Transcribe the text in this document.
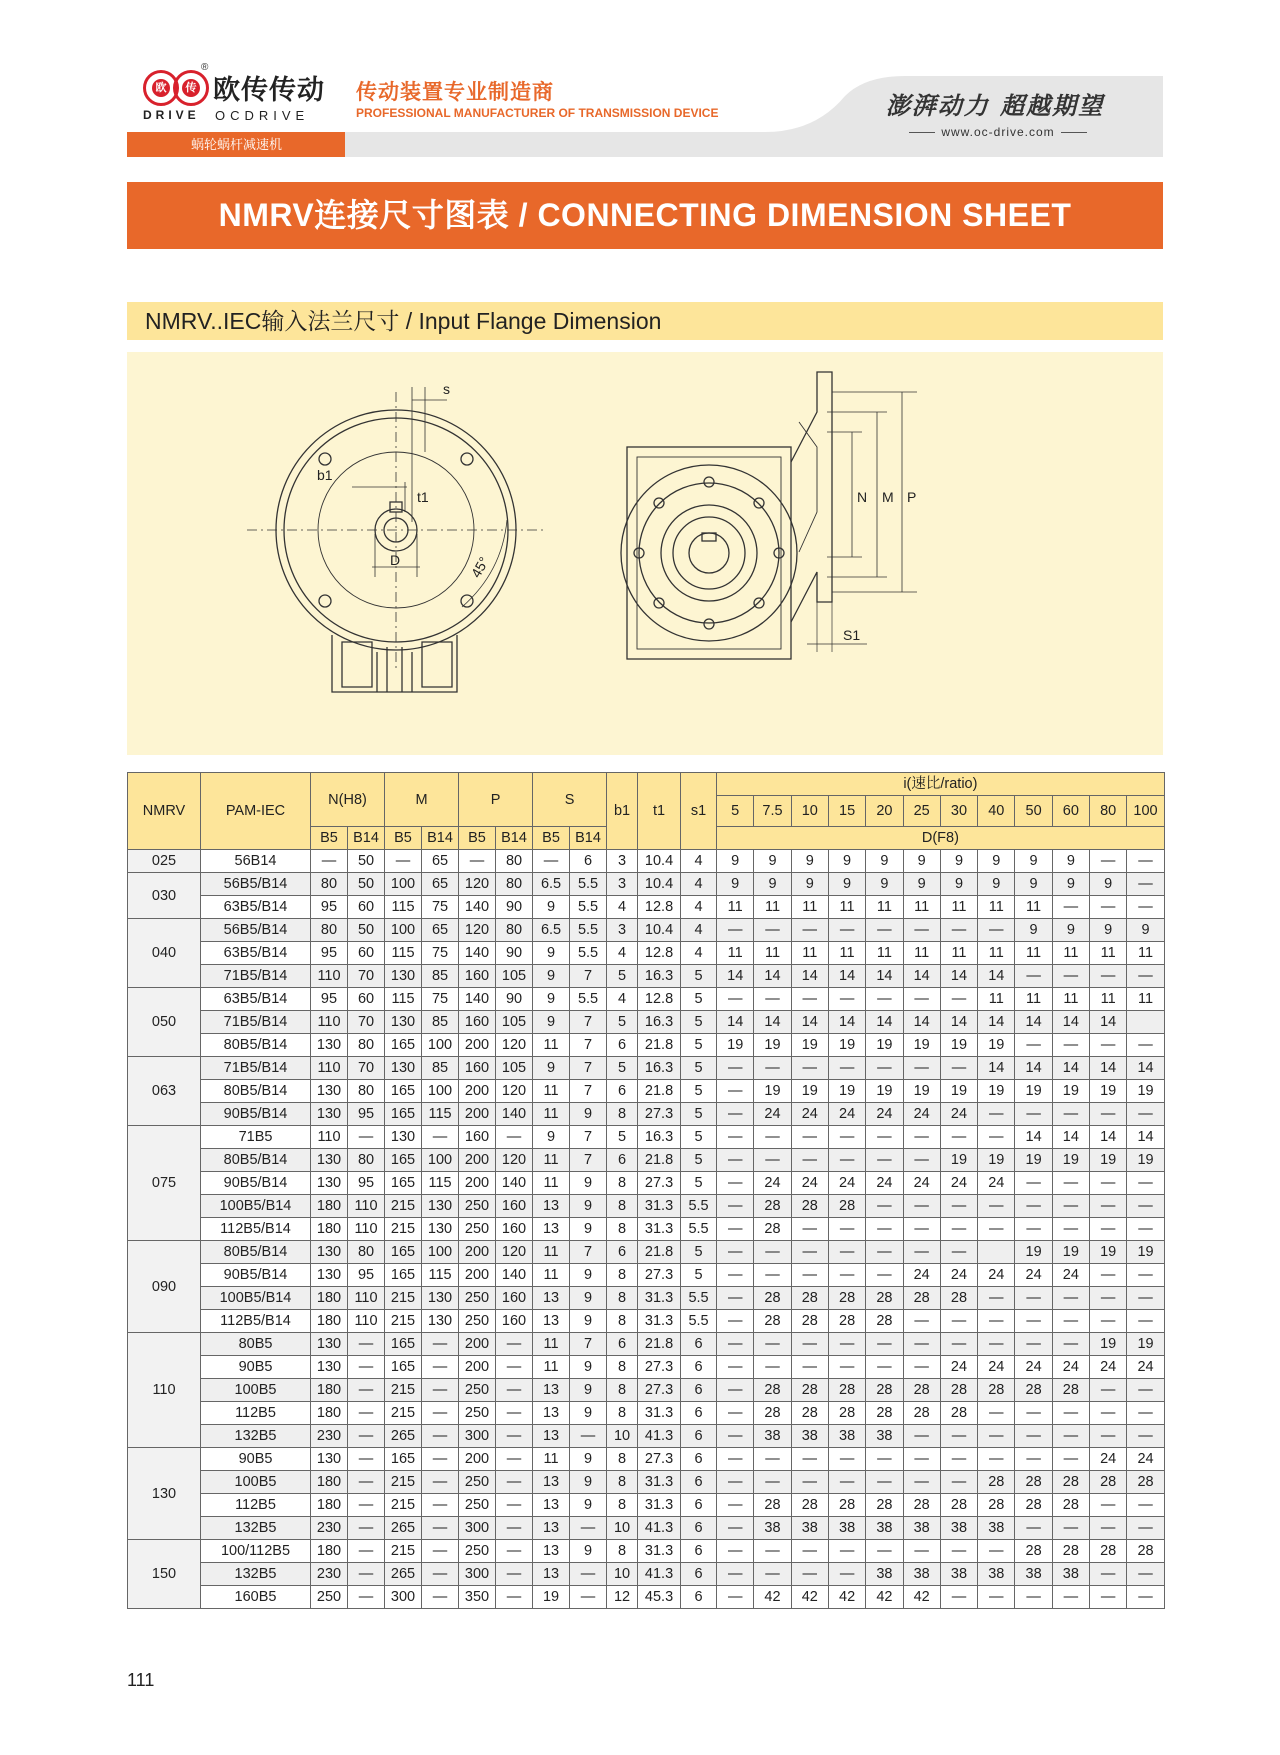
欧	传
®
欧传传动
DRIVE OCDRIVE
传动装置专业制造商
PROFESSIONAL MANUFACTURER OF TRANSMISSION DEVICE	澎湃动力 超越期望
www.oc-drive.com
蜗轮蜗杆减速机
NMRV连接尺寸图表 / CONNECTING DIMENSION SHEET
NMRV..IEC输入法兰尺寸 / Input Flange Dimension
s
b1
t1
D	45°
N M P
S1
NMRV	PAM-IEC	N(H8)		M		P		S		b1	t1	s1	i(速比/ratio)											
													5	7.5	10	15	20	25	30	40	50	60	80	100
		B5	B14	B5	B14	B5	B14	B5	B14				D(F8)											
025	56B14	—	50	—	65	—	80	—	6	3	10.4	4	9	9	9	9	9	9	9	9	9	9	—	—
030	56B5/B14	80	50	100	65	120	80	6.5	5.5	3	10.4	4	9	9	9	9	9	9	9	9	9	9	9	—
	63B5/B14	95	60	115	75	140	90	9	5.5	4	12.8	4	11	11	11	11	11	11	11	11	11	—	—	—
040	56B5/B14	80	50	100	65	120	80	6.5	5.5	3	10.4	4	—	—	—	—	—	—	—	—	9	9	9	9
	63B5/B14	95	60	115	75	140	90	9	5.5	4	12.8	4	11	11	11	11	11	11	11	11	11	11	11	11
	71B5/B14	110	70	130	85	160	105	9	7	5	16.3	5	14	14	14	14	14	14	14	14	—	—	—	—
050	63B5/B14	95	60	115	75	140	90	9	5.5	4	12.8	5	—	—	—	—	—	—	—	11	11	11	11	11
	71B5/B14	110	70	130	85	160	105	9	7	5	16.3	5	14	14	14	14	14	14	14	14	14	14	14	
	80B5/B14	130	80	165	100	200	120	11	7	6	21.8	5	19	19	19	19	19	19	19	19	—	—	—	—
063	71B5/B14	110	70	130	85	160	105	9	7	5	16.3	5	—	—	—	—	—	—	—	14	14	14	14	14
	80B5/B14	130	80	165	100	200	120	11	7	6	21.8	5	—	19	19	19	19	19	19	19	19	19	19	19
	90B5/B14	130	95	165	115	200	140	11	9	8	27.3	5	—	24	24	24	24	24	24	—	—	—	—	—
075	71B5	110	—	130	—	160	—	9	7	5	16.3	5	—	—	—	—	—	—	—	—	14	14	14	14
	80B5/B14	130	80	165	100	200	120	11	7	6	21.8	5	—	—	—	—	—	—	19	19	19	19	19	19
	90B5/B14	130	95	165	115	200	140	11	9	8	27.3	5	—	24	24	24	24	24	24	24	—	—	—	—
	100B5/B14	180	110	215	130	250	160	13	9	8	31.3	5.5	—	28	28	28	—	—	—	—	—	—	—	—
	112B5/B14	180	110	215	130	250	160	13	9	8	31.3	5.5	—	28	—	—	—	—	—	—	—	—	—	—
090	80B5/B14	130	80	165	100	200	120	11	7	6	21.8	5	—	—	—	—	—	—	—		19	19	19	19
	90B5/B14	130	95	165	115	200	140	11	9	8	27.3	5	—	—	—	—	—	24	24	24	24	24	—	—
	100B5/B14	180	110	215	130	250	160	13	9	8	31.3	5.5	—	28	28	28	28	28	28	—	—	—	—	—
	112B5/B14	180	110	215	130	250	160	13	9	8	31.3	5.5	—	28	28	28	28	—	—	—	—	—	—	—
110	80B5	130	—	165	—	200	—	11	7	6	21.8	6	—	—	—	—	—	—	—	—	—	—	19	19
	90B5	130	—	165	—	200	—	11	9	8	27.3	6	—	—	—	—	—	—	24	24	24	24	24	24
	100B5	180	—	215	—	250	—	13	9	8	27.3	6	—	28	28	28	28	28	28	28	28	28	—	—
	112B5	180	—	215	—	250	—	13	9	8	31.3	6	—	28	28	28	28	28	28	—	—	—	—	—
	132B5	230	—	265	—	300	—	13	—	10	41.3	6	—	38	38	38	38	—	—	—	—	—	—	—
130	90B5	130	—	165	—	200	—	11	9	8	27.3	6	—	—	—	—	—	—	—	—	—	—	24	24
	100B5	180	—	215	—	250	—	13	9	8	31.3	6	—	—	—	—	—	—	—	28	28	28	28	28
	112B5	180	—	215	—	250	—	13	9	8	31.3	6	—	28	28	28	28	28	28	28	28	28	—	—
	132B5	230	—	265	—	300	—	13	—	10	41.3	6	—	38	38	38	38	38	38	38	—	—	—	—
150	100/112B5	180	—	215	—	250	—	13	9	8	31.3	6	—	—	—	—	—	—	—	—	28	28	28	28
	132B5	230	—	265	—	300	—	13	—	10	41.3	6	—	—	—	—	38	38	38	38	38	38	—	—
	160B5	250	—	300	—	350	—	19	—	12	45.3	6	—	42	42	42	42	42	—	—	—	—	—	—
111
